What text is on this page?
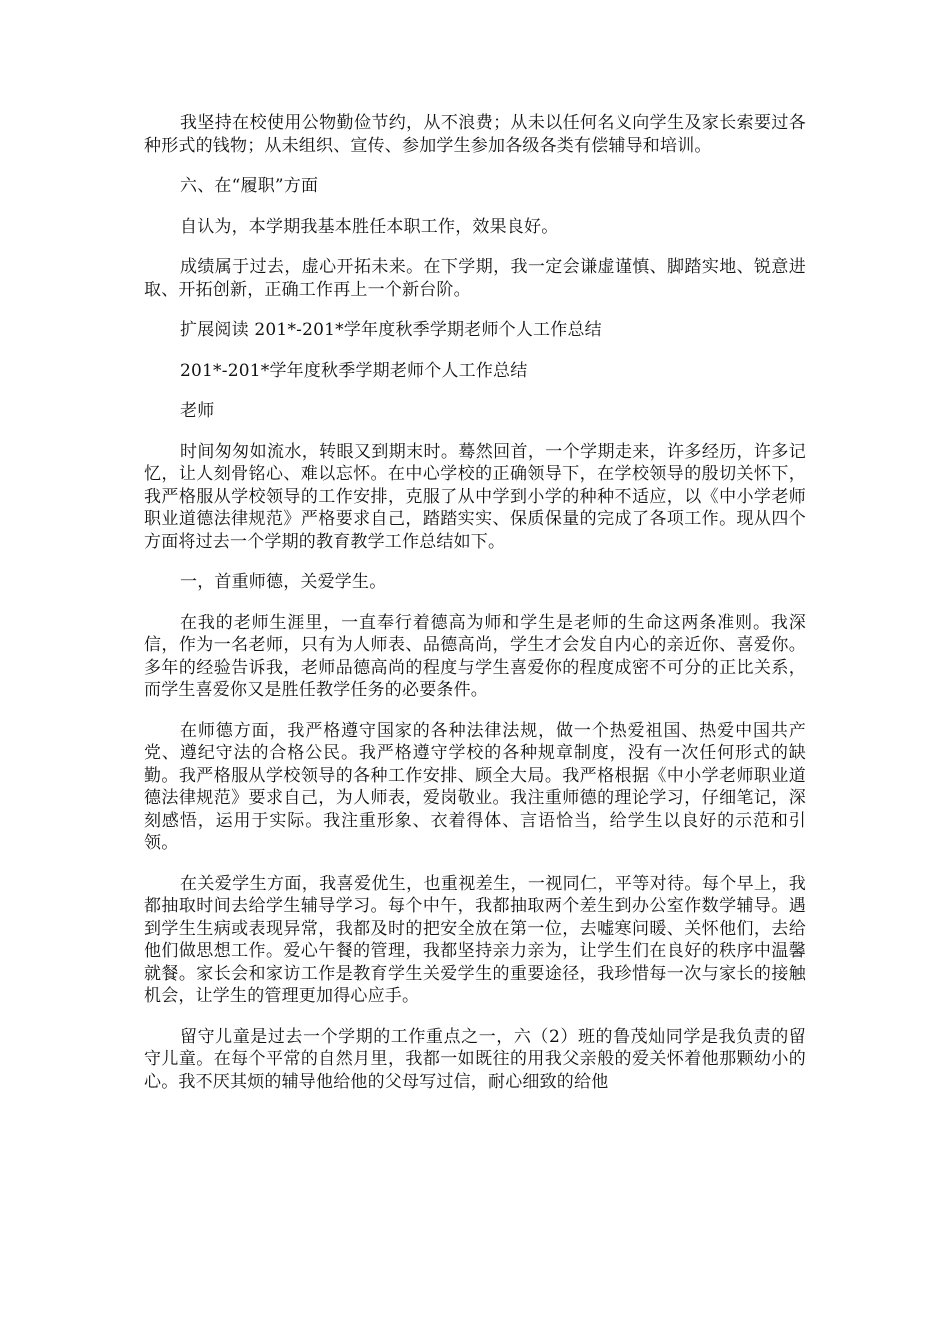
我坚持在校使用公物勤俭节约，从不浪费；从未以任何名义向学生及家长索要过各种形式的钱物；从未组织、宣传、参加学生参加各级各类有偿辅导和培训。

六、在“履职”方面

自认为，本学期我基本胜任本职工作，效果良好。

成绩属于过去，虚心开拓未来。在下学期，我一定会谦虚谨慎、脚踏实地、锐意进取、开拓创新，正确工作再上一个新台阶。

扩展阅读 201*-201*学年度秋季学期老师个人工作总结

201*-201*学年度秋季学期老师个人工作总结

老师

时间匆匆如流水，转眼又到期末时。蓦然回首，一个学期走来，许多经历，许多记忆，让人刻骨铭心、难以忘怀。在中心学校的正确领导下，在学校领导的殷切关怀下，我严格服从学校领导的工作安排，克服了从中学到小学的种种不适应，以《中小学老师职业道德法律规范》严格要求自己，踏踏实实、保质保量的完成了各项工作。现从四个方面将过去一个学期的教育教学工作总结如下。

一，首重师德，关爱学生。

在我的老师生涯里，一直奉行着德高为师和学生是老师的生命这两条准则。我深信，作为一名老师，只有为人师表、品德高尚，学生才会发自内心的亲近你、喜爱你。多年的经验告诉我，老师品德高尚的程度与学生喜爱你的程度成密不可分的正比关系，而学生喜爱你又是胜任教学任务的必要条件。

在师德方面，我严格遵守国家的各种法律法规，做一个热爱祖国、热爱中国共产党、遵纪守法的合格公民。我严格遵守学校的各种规章制度，没有一次任何形式的缺勤。我严格服从学校领导的各种工作安排、顾全大局。我严格根据《中小学老师职业道德法律规范》要求自己，为人师表，爱岗敬业。我注重师德的理论学习，仔细笔记，深刻感悟，运用于实际。我注重形象、衣着得体、言语恰当，给学生以良好的示范和引领。

在关爱学生方面，我喜爱优生，也重视差生，一视同仁，平等对待。每个早上，我都抽取时间去给学生辅导学习。每个中午，我都抽取两个差生到办公室作数学辅导。遇到学生生病或表现异常，我都及时的把安全放在第一位，去嘘寒问暖、关怀他们，去给他们做思想工作。爱心午餐的管理，我都坚持亲力亲为，让学生们在良好的秩序中温馨就餐。家长会和家访工作是教育学生关爱学生的重要途径，我珍惜每一次与家长的接触机会，让学生的管理更加得心应手。

留守儿童是过去一个学期的工作重点之一，六（2）班的鲁茂灿同学是我负责的留守儿童。在每个平常的自然月里，我都一如既往的用我父亲般的爱关怀着他那颗幼小的心。我不厌其烦的辅导他给他的父母写过信，耐心细致的给他
